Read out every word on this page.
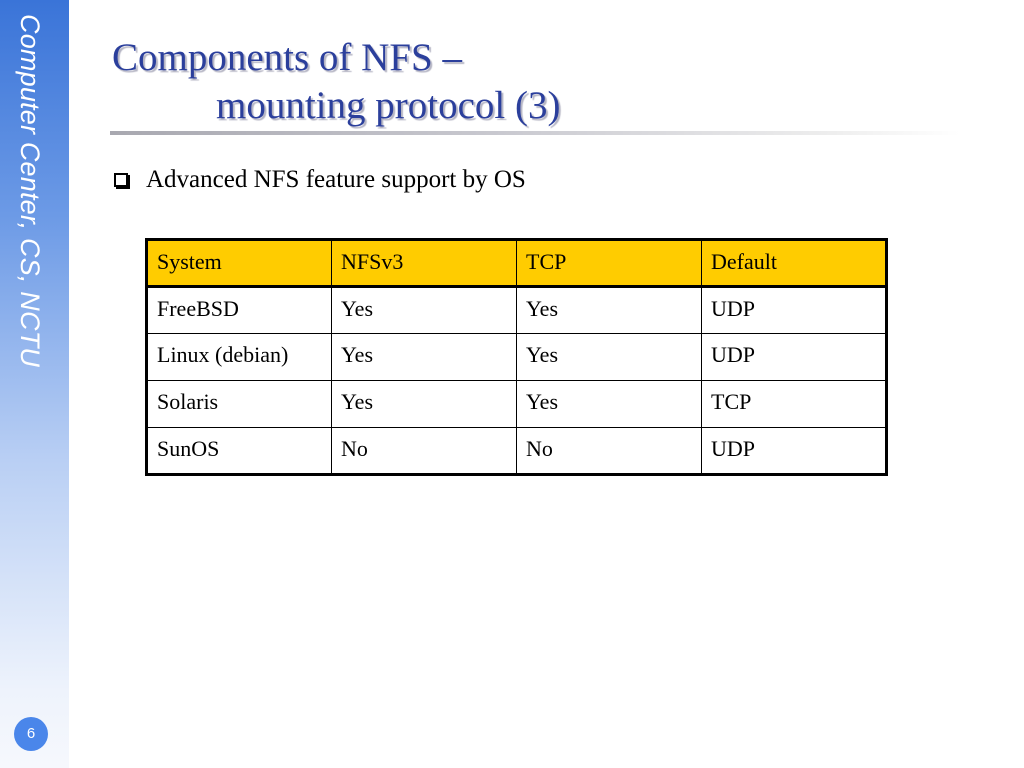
Computer Center, CS, NCTU
6
Components of NFS –
mounting protocol (3)
Advanced NFS feature support by OS
System	NFSv3	TCP	Default
FreeBSD	Yes	Yes	UDP
Linux (debian)	Yes	Yes	UDP
Solaris	Yes	Yes	TCP
SunOS	No	No	UDP
